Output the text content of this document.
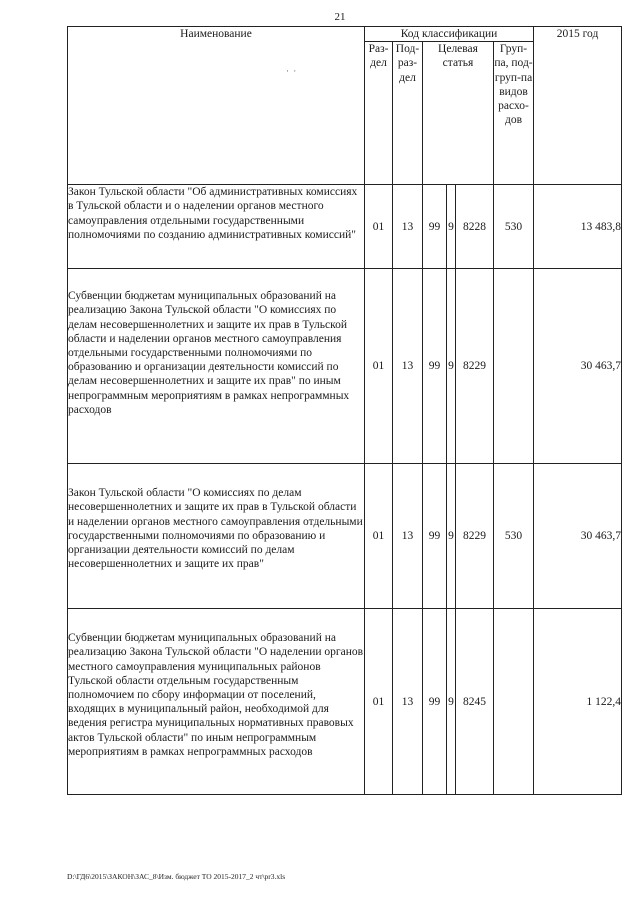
21
· ·
Наименование	Код классификации						2015 год
	Раз-дел	Под-раз-дел	Целевая статья			Груп-па, под-груп-па видов расхо-дов	
Закон Тульской области "Об административных комиссиях в Тульской области и о наделении органов местного самоуправления отдельными государственными полномочиями по созданию административных комиссий"	01	13	99	9	8228	530	13 483,8
Субвенции бюджетам муниципальных образований на реализацию Закона Тульской области "О комиссиях по делам несовершеннолетних и защите их прав в Тульской области и наделении органов местного самоуправления отдельными государственными полномочиями по образованию и организации деятельности комиссий по делам несовершеннолетних и защите их прав" по иным непрограммным мероприятиям в рамках непрограммных расходов	01	13	99	9	8229		30 463,7
Закон Тульской области "О комиссиях по делам несовершеннолетних и защите их прав в Тульской области и наделении органов местного самоуправления отдельными государственными полномочиями по образованию и организации деятельности комиссий по делам несовершеннолетних и защите их прав"	01	13	99	9	8229	530	30 463,7
Субвенции бюджетам муниципальных образований на реализацию Закона Тульской области "О наделении органов местного самоуправления муниципальных районов Тульской области отдельным государственным полномочием по сбору информации от поселений, входящих в муниципальный район, необходимой для ведения регистра муниципальных нормативных правовых актов Тульской области" по иным непрограммным мероприятиям в рамках непрограммных расходов	01	13	99	9	8245		1 122,4
D:\ГД6\2015\ЗАКОН\ЗАС_8\Изм. бюджет ТО 2015-2017_2 чт\pr3.xls
